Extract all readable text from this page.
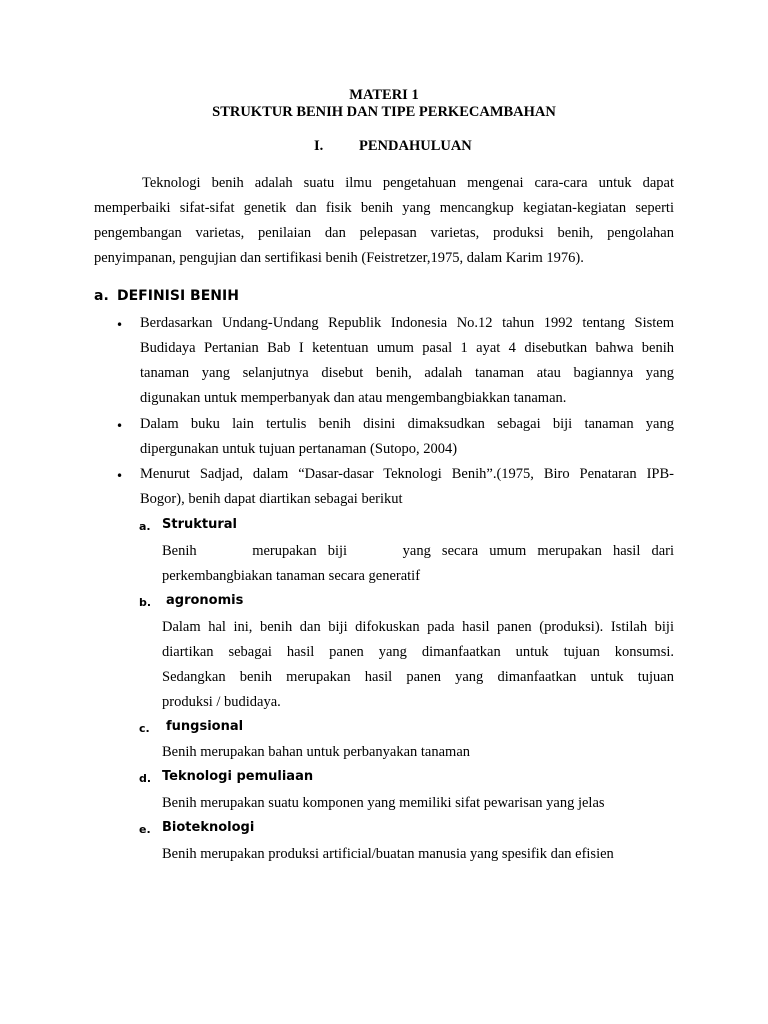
MATERI 1
STRUKTUR BENIH DAN TIPE PERKECAMBAHAN
I. PENDAHULUAN
Teknologi benih adalah suatu ilmu pengetahuan mengenai cara-cara untuk dapat
memperbaiki sifat-sifat genetik dan fisik benih yang mencangkup kegiatan-kegiatan seperti
pengembangan varietas, penilaian dan pelepasan varietas, produksi benih, pengolahan
penyimpanan, pengujian dan sertifikasi benih (Feistretzer,1975, dalam Karim 1976).
a. DEFINISI BENIH
• Berdasarkan Undang-Undang Republik Indonesia No.12 tahun 1992 tentang Sistem
Budidaya Pertanian Bab I ketentuan umum pasal 1 ayat 4 disebutkan bahwa benih
tanaman yang selanjutnya disebut benih, adalah tanaman atau bagiannya yang
digunakan untuk memperbanyak dan atau mengembangbiakkan tanaman.
• Dalam buku lain tertulis benih disini dimaksudkan sebagai biji tanaman yang
dipergunakan untuk tujuan pertanaman (Sutopo, 2004)
• Menurut Sadjad, dalam “Dasar-dasar Teknologi Benih”.(1975, Biro Penataran IPB-
Bogor), benih dapat diartikan sebagai berikut
a. Struktural
Benih     merupakan biji     yang secara umum merupakan hasil dari
perkembangbiakan tanaman secara generatif
b. agronomis
Dalam hal ini, benih dan biji difokuskan pada hasil panen (produksi). Istilah biji
diartikan sebagai hasil panen yang dimanfaatkan untuk tujuan konsumsi.
Sedangkan benih merupakan hasil panen yang dimanfaatkan untuk tujuan
produksi / budidaya.
c. fungsional
Benih merupakan bahan untuk perbanyakan tanaman
d. Teknologi pemuliaan
Benih merupakan suatu komponen yang memiliki sifat pewarisan yang jelas
e. Bioteknologi
Benih merupakan produksi artificial/buatan manusia yang spesifik dan efisien
